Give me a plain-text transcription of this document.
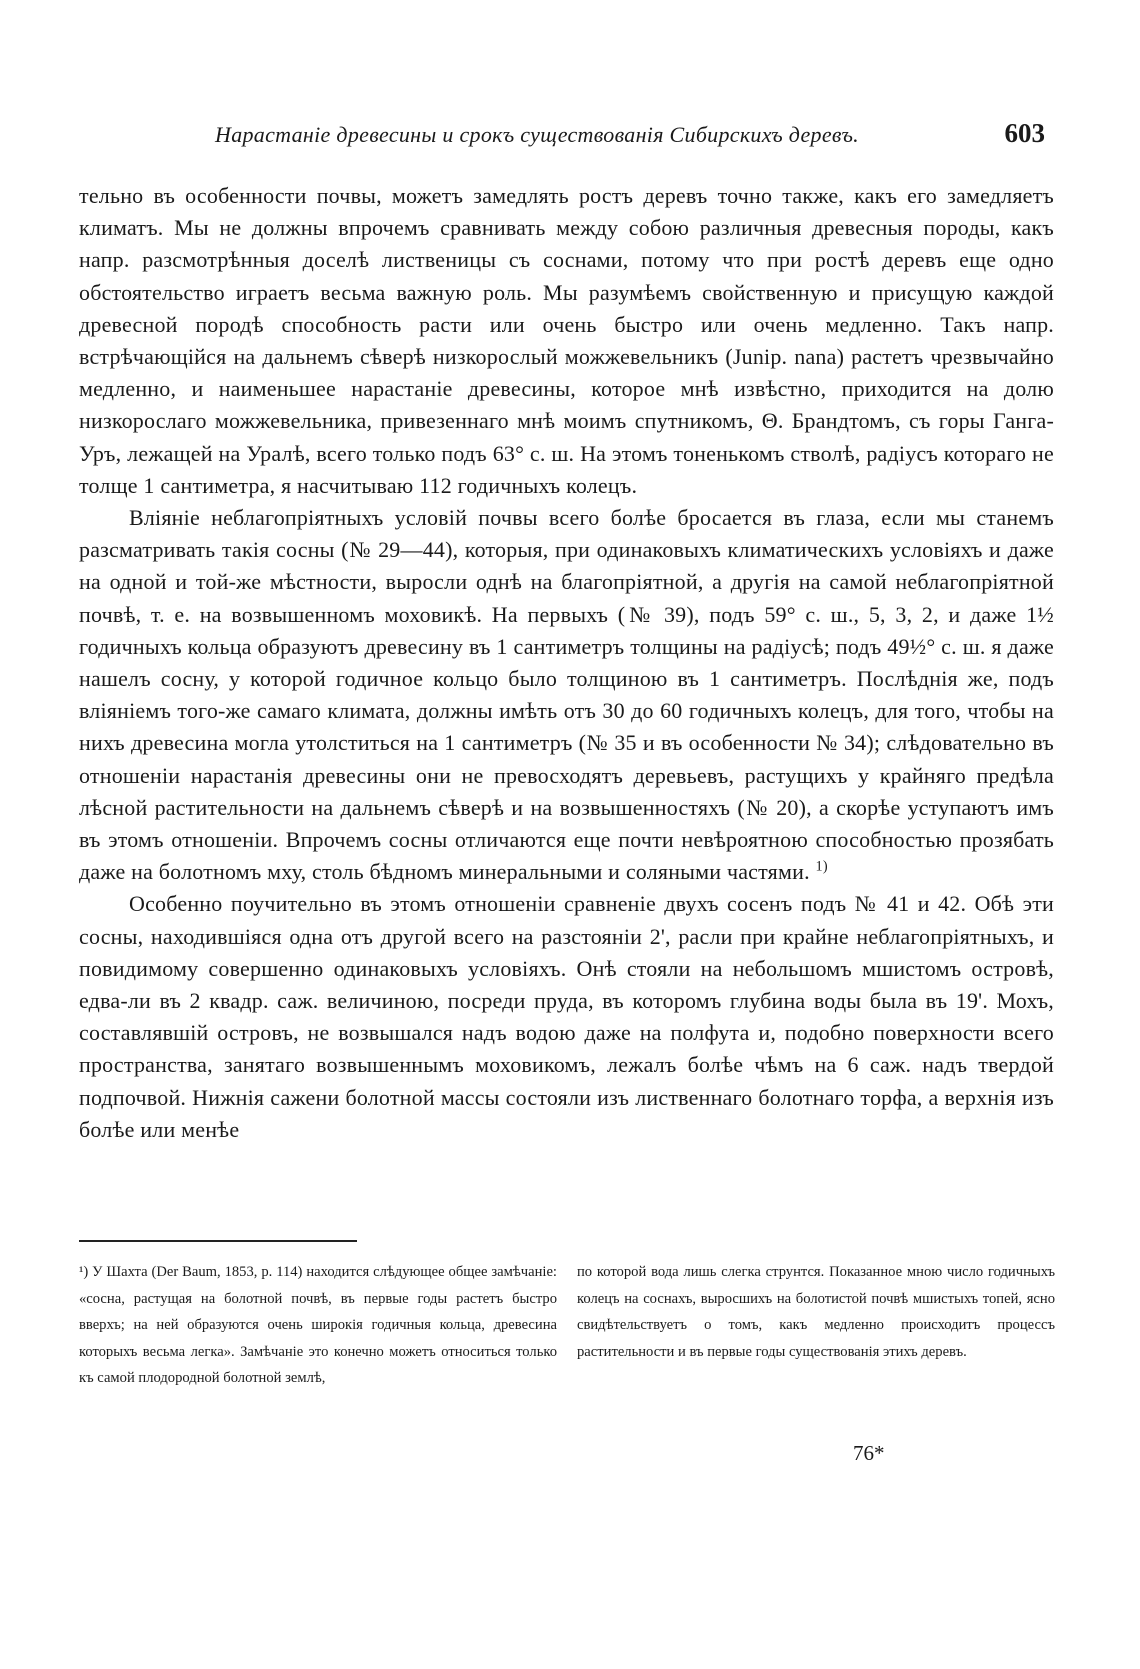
Нарастаніе древесины и срокъ существованія Сибирскихъ деревъ.	603

тельно въ особенности почвы, можетъ замедлять ростъ деревъ точно также, какъ его замедляетъ климатъ. Мы не должны впрочемъ сравнивать между собою различныя древесныя породы, какъ напр. разсмотрѣнныя доселѣ лиственицы съ соснами, потому что при ростѣ деревъ еще одно обстоятельство играетъ весьма важную роль. Мы разумѣемъ свойственную и присущую каждой древесной породѣ способность расти или очень быстро или очень медленно. Такъ напр. встрѣчающійся на дальнемъ сѣверѣ низкорослый можжевельникъ (Junip. nana) растетъ чрезвычайно медленно, и наименьшее нарастаніе древесины, которое мнѣ извѣстно, приходится на долю низкорослаго можжевельника, привезеннаго мнѣ моимъ спутникомъ, Θ. Брандтомъ, съ горы Ганга-Уръ, лежащей на Уралѣ, всего только подъ 63° с. ш. На этомъ тоненькомъ стволѣ, радіусъ котораго не толще 1 сантиметра, я насчитываю 112 годичныхъ колецъ.

Вліяніе неблагопріятныхъ условій почвы всего болѣе бросается въ глаза, если мы станемъ разсматривать такія сосны (№ 29—44), которыя, при одинаковыхъ климатическихъ условіяхъ и даже на одной и той-же мѣстности, выросли однѣ на благопріятной, а другія на самой неблагопріятной почвѣ, т. е. на возвышенномъ моховикѣ. На первыхъ (№ 39), подъ 59° с. ш., 5, 3, 2, и даже 1½ годичныхъ кольца образуютъ древесину въ 1 сантиметръ толщины на радіусѣ; подъ 49½° с. ш. я даже нашелъ сосну, у которой годичное кольцо было толщиною въ 1 сантиметръ. Послѣднія же, подъ вліяніемъ того-же самаго климата, должны имѣть отъ 30 до 60 годичныхъ колецъ, для того, чтобы на нихъ древесина могла утолститься на 1 сантиметръ (№ 35 и въ особенности № 34); слѣдовательно въ отношеніи нарастанія древесины они не превосходятъ деревьевъ, растущихъ у крайняго предѣла лѣсной растительности на дальнемъ сѣверѣ и на возвышенностяхъ (№ 20), а скорѣе уступаютъ имъ въ этомъ отношеніи. Впрочемъ сосны отличаются еще почти невѣроятною способностью прозябать даже на болотномъ мху, столь бѣдномъ минеральными и соляными частями. $^{1)}$

Особенно поучительно въ этомъ отношеніи сравненіе двухъ сосенъ подъ № 41 и 42. Обѣ эти сосны, находившіяся одна отъ другой всего на разстояніи 2', расли при крайне неблагопріятныхъ, и повидимому совершенно одинаковыхъ условіяхъ. Онѣ стояли на небольшомъ мшистомъ островѣ, едва-ли въ 2 квадр. саж. величиною, посреди пруда, въ которомъ глубина воды была въ 19'. Мохъ, составлявшій островъ, не возвышался надъ водою даже на полфута и, подобно поверхности всего пространства, занятаго возвышеннымъ моховикомъ, лежалъ болѣе чѣмъ на 6 саж. надъ твердой подпочвой. Нижнія сажени болотной массы состояли изъ лиственнаго болотнаго торфа, а верхнія изъ болѣе или менѣе

¹) У Шахта (Der Baum, 1853, p. 114) находится слѣдующее общее замѣчаніе: «сосна, растущая на болотной почвѣ, въ первые годы растетъ быстро вверхъ; на ней образуются очень широкія годичныя кольца, древесина которыхъ весьма легка». Замѣчаніе это конечно можетъ относиться только къ самой плодородной болотной землѣ,
по которой вода лишь слегка струнтся. Показанное мною число годичныхъ колецъ на соснахъ, выросшихъ на болотистой почвѣ мшистыхъ топей, ясно свидѣтельствуетъ о томъ, какъ медленно происходитъ процессъ растительности и въ первые годы существованія этихъ деревъ.
76*
